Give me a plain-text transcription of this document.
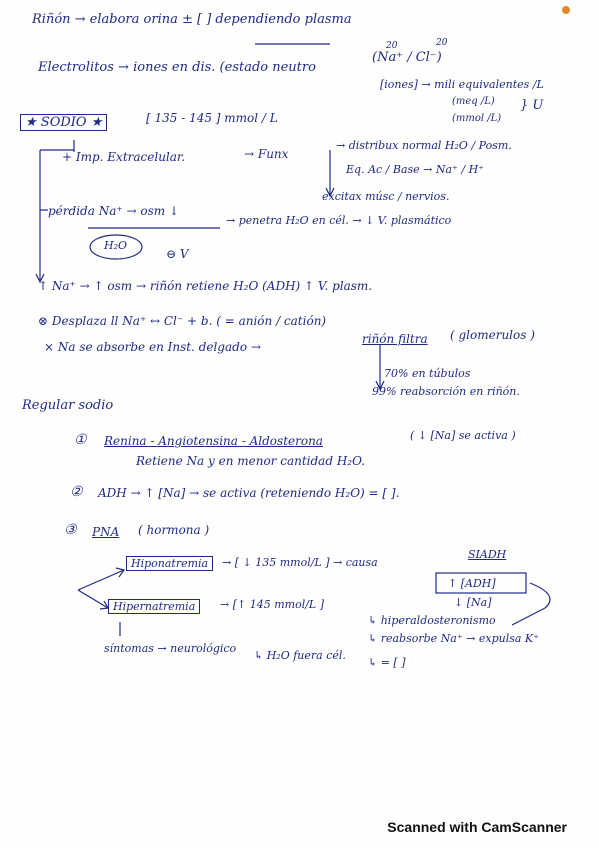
Riñón → elabora orina ± [ ] dependiendo plasma
20	20
Electrolitos → iones en dis. (estado neutro
(Na⁺ / Cl⁻)
[iones] → mili equivalentes /L
(meq /L)
(mmol /L)
} U
★ SODIO ★	[ 135 - 145 ] mmol / L
+ Imp. Extracelular.	→ Funx
→ distribux normal H₂O / Posm.
Eq. Ac / Base → Na⁺ / H⁺
excitax músc / nervios.
pérdida Na⁺ → osm ↓
H₂O
⊖ V
→ penetra H₂O en cél. → ↓ V. plasmático
↑ Na⁺ → ↑ osm → riñón retiene H₂O (ADH) ↑ V. plasm.
⊗ Desplaza ll Na⁺ ↔ Cl⁻ + b. ( = anión / catión)
× Na se absorbe en Inst. delgado →
riñón filtra ( glomerulos )
70% en túbulos
99% reabsorción en riñón.
Regular sodio
① Renina - Angiotensina - Aldosterona	( ↓ [Na] se activa )
Retiene Na y en menor cantidad H₂O.
② ADH → ↑ [Na] → se activa (reteniendo H₂O) = [ ].
③ PNA ( hormona )
Hiponatremia	→ [ ↓ 135 mmol/L ] → causa
SIADH
↑ [ADH]
↓ [Na]
Hipernatremia	→ [↑ 145 mmol/L ]
↳ hiperaldosteronismo
↳ reabsorbe Na⁺ → expulsa K⁺
síntomas → neurológico
↳ H₂O fuera cél.
↳ = [ ]
Scanned with CamScanner
